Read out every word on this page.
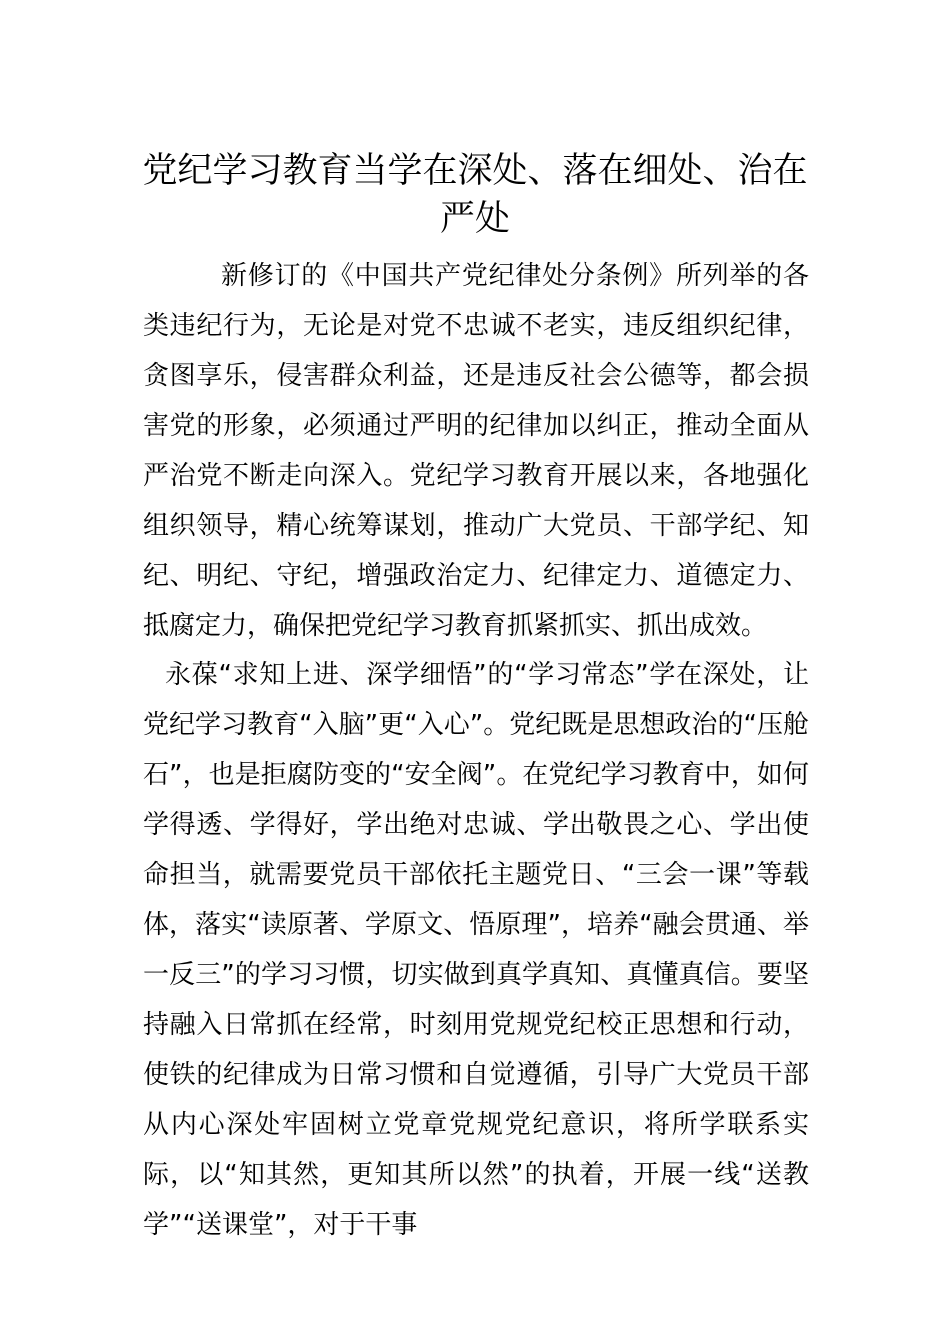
党纪学习教育当学在深处、落在细处、治在严处

新修订的《中国共产党纪律处分条例》所列举的各类违纪行为，无论是对党不忠诚不老实，违反组织纪律，贪图享乐，侵害群众利益，还是违反社会公德等，都会损害党的形象，必须通过严明的纪律加以纠正，推动全面从严治党不断走向深入。党纪学习教育开展以来，各地强化组织领导，精心统筹谋划，推动广大党员、干部学纪、知纪、明纪、守纪，增强政治定力、纪律定力、道德定力、抵腐定力，确保把党纪学习教育抓紧抓实、抓出成效。

永葆“求知上进、深学细悟”的“学习常态”学在深处，让党纪学习教育“入脑”更“入心”。党纪既是思想政治的“压舱石”，也是拒腐防变的“安全阀”。在党纪学习教育中，如何学得透、学得好，学出绝对忠诚、学出敬畏之心、学出使命担当，就需要党员干部依托主题党日、“三会一课”等载体，落实“读原著、学原文、悟原理”，培养“融会贯通、举一反三”的学习习惯，切实做到真学真知、真懂真信。要坚持融入日常抓在经常，时刻用党规党纪校正思想和行动，使铁的纪律成为日常习惯和自觉遵循，引导广大党员干部从内心深处牢固树立党章党规党纪意识，将所学联系实际，以“知其然，更知其所以然”的执着，开展一线“送教学”“送课堂”，对于干事
